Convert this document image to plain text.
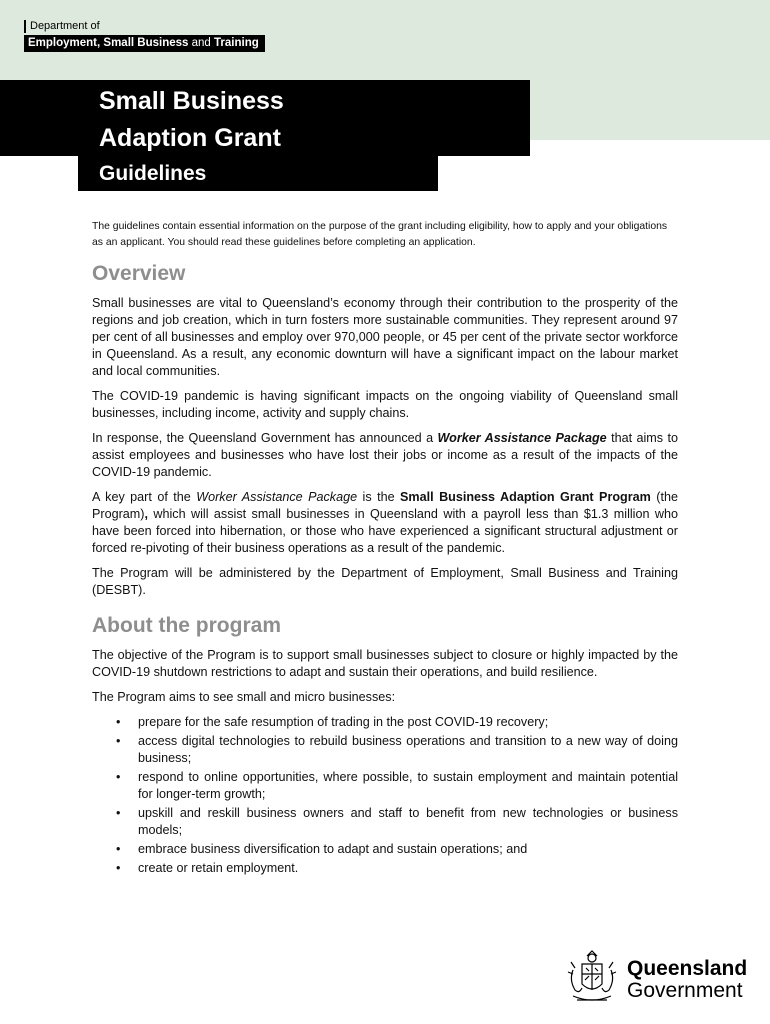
Department of
Employment, Small Business and Training
Small Business
Adaption Grant
Guidelines

The guidelines contain essential information on the purpose of the grant including eligibility, how to apply and your obligations as an applicant. You should read these guidelines before completing an application.

Overview

Small businesses are vital to Queensland’s economy through their contribution to the prosperity of the regions and job creation, which in turn fosters more sustainable communities. They represent around 97 per cent of all businesses and employ over 970,000 people, or 45 per cent of the private sector workforce in Queensland. As a result, any economic downturn will have a significant impact on the labour market and local communities.

The COVID-19 pandemic is having significant impacts on the ongoing viability of Queensland small businesses, including income, activity and supply chains.

In response, the Queensland Government has announced a Worker Assistance Package that aims to assist employees and businesses who have lost their jobs or income as a result of the impacts of the COVID-19 pandemic.

A key part of the Worker Assistance Package is the Small Business Adaption Grant Program (the Program), which will assist small businesses in Queensland with a payroll less than $1.3 million who have been forced into hibernation, or those who have experienced a significant structural adjustment or forced re-pivoting of their business operations as a result of the pandemic.

The Program will be administered by the Department of Employment, Small Business and Training (DESBT).

About the program

The objective of the Program is to support small businesses subject to closure or highly impacted by the COVID-19 shutdown restrictions to adapt and sustain their operations, and build resilience.

The Program aims to see small and micro businesses:

• prepare for the safe resumption of trading in the post COVID-19 recovery;
• access digital technologies to rebuild business operations and transition to a new way of doing business;
• respond to online opportunities, where possible, to sustain employment and maintain potential for longer-term growth;
• upskill and reskill business owners and staff to benefit from new technologies or business models;
• embrace business diversification to adapt and sustain operations; and
• create or retain employment.
Queensland
Government
